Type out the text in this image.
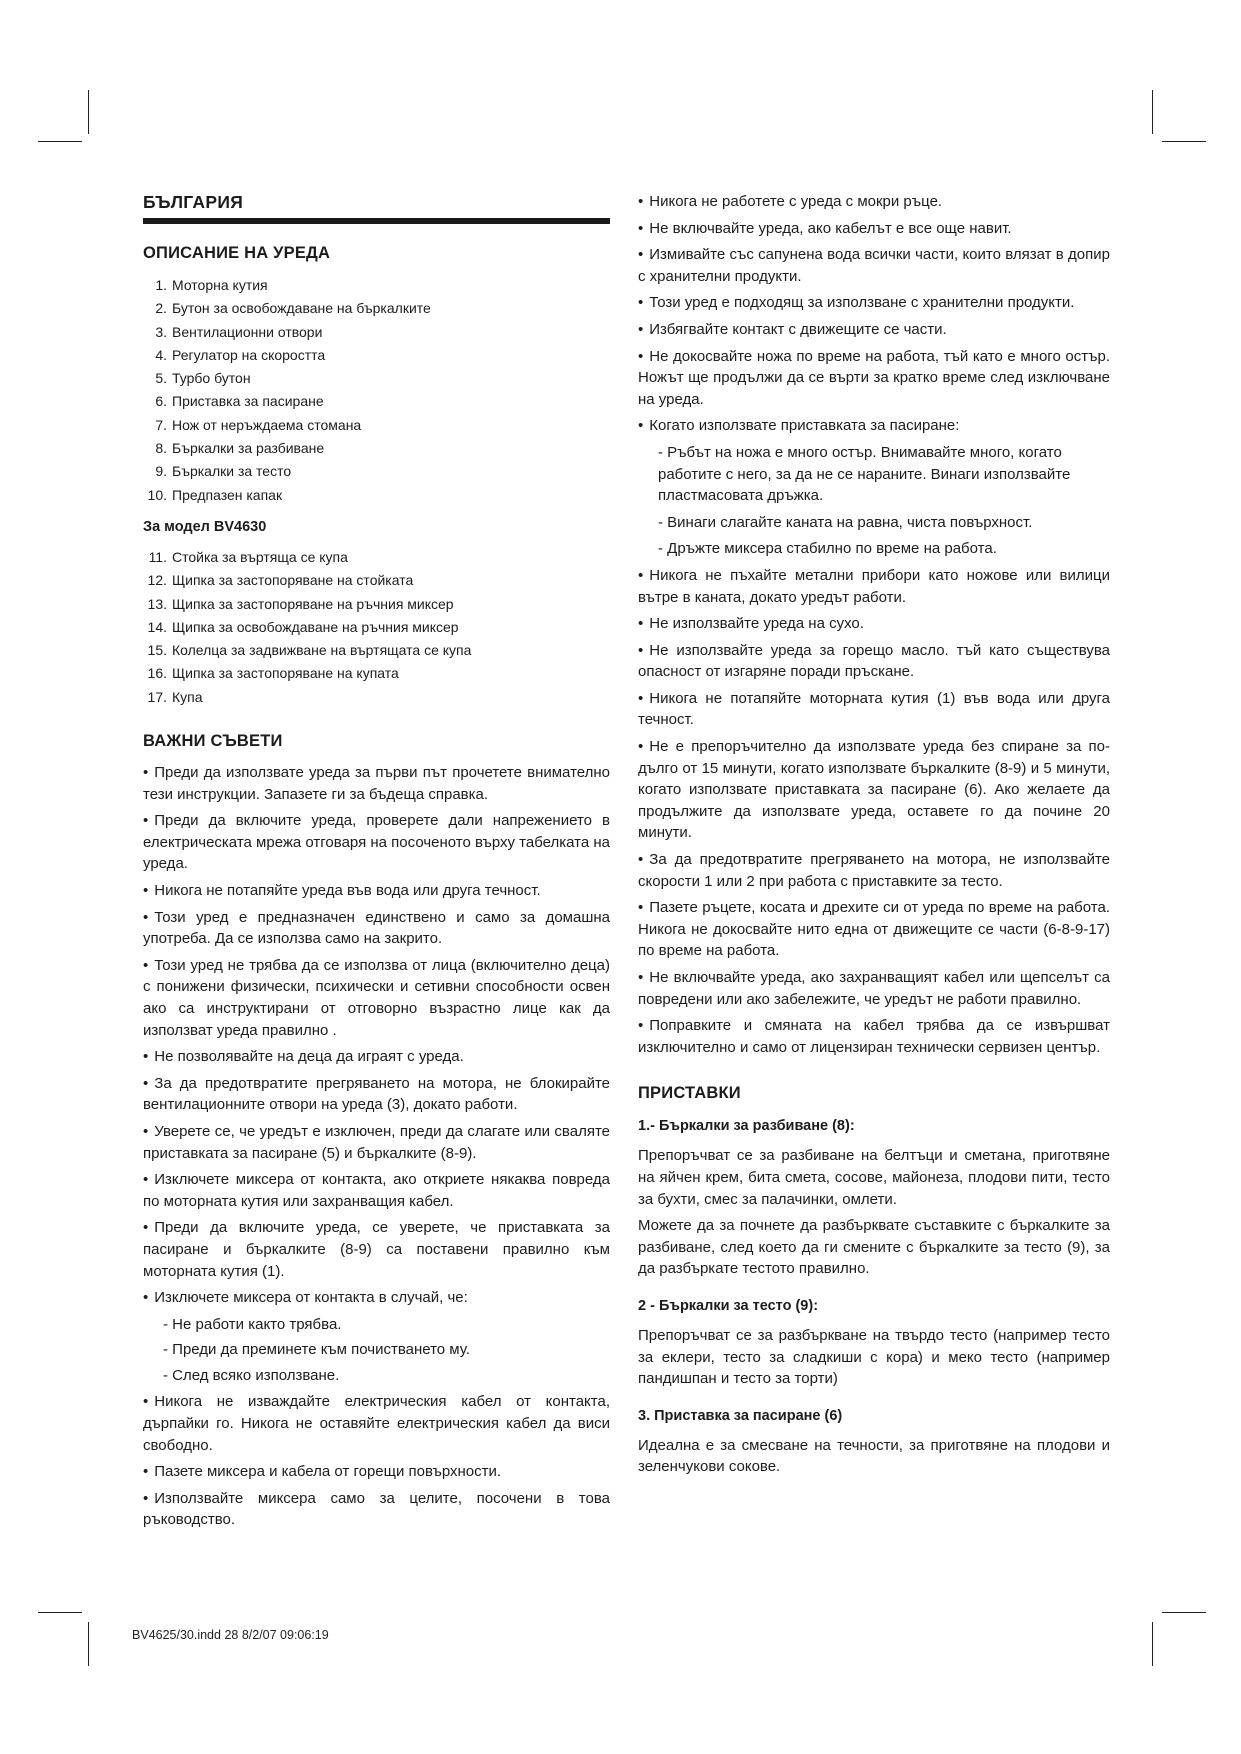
БЪЛГАРИЯ
ОПИСАНИЕ НА УРЕДА
1. Моторна кутия
2. Бутон за освобождаване на бъркалките
3. Вентилационни отвори
4. Регулатор на скоростта
5. Турбо бутон
6. Приставка за пасиране
7. Нож от неръждаема стомана
8. Бъркалки за разбиване
9. Бъркалки за тесто
10. Предпазен капак
За модел BV4630
11. Стойка за въртяща се купа
12. Щипка за застопоряване на стойката
13. Щипка за застопоряване на ръчния миксер
14. Щипка за освобождаване на ръчния миксер
15. Колелца за задвижване на въртящата се купа
16. Щипка за застопоряване на купата
17. Купа
ВАЖНИ СЪВЕТИ
• Преди да използвате уреда за първи път прочетете внимателно тези инструкции. Запазете ги за бъдеща справка.
• Преди да включите уреда, проверете дали напрежението в електрическата мрежа отговаря на посоченото върху табелката на уреда.
• Никога не потапяйте уреда във вода или друга течност.
• Този уред е предназначен единствено и само за домашна употреба. Да се използва само на закрито.
• Този уред не трябва да се използва от лица (включително деца) с понижени физически, психически и сетивни способности освен ако са инструктирани от отговорно възрастно лице как да използват уреда правилно .
• Не позволявайте на деца да играят с уреда.
• За да предотвратите прегряването на мотора, не блокирайте вентилационните отвори на уреда (3), докато работи.
• Уверете се, че уредът е изключен, преди да слагате или сваляте приставката за пасиране (5) и бъркалките (8-9).
• Изключете миксера от контакта, ако откриете някаква повреда по моторната кутия или захранващия кабел.
• Преди да включите уреда, се уверете, че приставката за пасиране и бъркалките (8-9) са поставени правилно към моторната кутия (1).
• Изключете миксера от контакта в случай, че:
- Не работи както трябва.
- Преди да преминете към почистването му.
- След всяко използване.
• Никога не изваждайте електрическия кабел от контакта, дърпайки го. Никога не оставяйте електрическия кабел да виси свободно.
• Пазете миксера и кабела от горещи повърхности.
• Използвайте миксера само за целите, посочени в това ръководство.
• Никога не работете с уреда с мокри ръце.
• Не включвайте уреда, ако кабелът е все още навит.
• Измивайте със сапунена вода всички части, които влязат в допир с хранителни продукти.
• Този уред е подходящ за използване с хранителни продукти.
• Избягвайте контакт с движещите се части.
• Не докосвайте ножа по време на работа, тъй като е много остър. Ножът ще продължи да се върти за кратко време след изключване на уреда.
• Когато използвате приставката за пасиране:
- Ръбът на ножа е много остър. Внимавайте много, когато работите с него, за да не се нараните. Винаги използвайте пластмасовата дръжка.
- Винаги слагайте каната на равна, чиста повърхност.
- Дръжте миксера стабилно по време на работа.
• Никога не пъхайте метални прибори като ножове или вилици вътре в каната, докато уредът работи.
• Не използвайте уреда на сухо.
• Не използвайте уреда за горещо масло. тъй като съществува опасност от изгаряне поради пръскане.
• Никога не потапяйте моторната кутия (1) във вода или друга течност.
• Не е препоръчително да използвате уреда без спиране за по-дълго от 15 минути, когато използвате бъркалките (8-9) и 5 минути, когато използвате приставката за пасиране (6). Ако желаете да продължите да използвате уреда, оставете го да почине 20 минути.
• За да предотвратите прегряването на мотора, не използвайте скорости 1 или 2 при работа с приставките за тесто.
• Пазете ръцете, косата и дрехите си от уреда по време на работа. Никога не докосвайте нито една от движещите се части (6-8-9-17) по време на работа.
• Не включвайте уреда, ако захранващият кабел или щепселът са повредени или ако забележите, че уредът не работи правилно.
• Поправките и смяната на кабел трябва да се извършват изключително и само от лицензиран технически сервизен център.
ПРИСТАВКИ
1.- Бъркалки за разбиване (8):

Препоръчват се за разбиване на белтъци и сметана, приготвяне на яйчен крем, бита смета, сосове, майонеза, плодови пити, тесто за бухти, смес за палачинки, омлети.

Можете да за почнете да разбърквате съставките с бъркалките за разбиване, след което да ги смените с бъркалките за тесто (9), за да разбъркате тестото правилно.

2 - Бъркалки за тесто (9):

Препоръчват се за разбъркване на твърдо тесто (например тесто за еклери, тесто за сладкиши с кора) и меко тесто (например пандишпан и тесто за торти)

3. Приставка за пасиране (6)

Идеална е за смесване на течности, за приготвяне на плодови и зеленчукови сокове.

BV4625/30.indd 28 8/2/07 09:06:19
